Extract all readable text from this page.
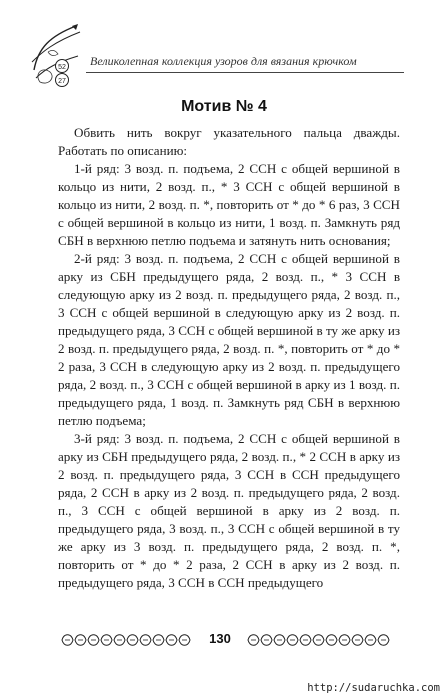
52
27
Великолепная коллекция узоров для вязания крючком
Мотив № 4

Обвить нить вокруг указательного пальца дважды. Работать по описанию:

1-й ряд: 3 возд. п. подъема, 2 ССН с общей вершиной в кольцо из нити, 2 возд. п., * 3 ССН с общей вершиной в кольцо из нити, 2 возд. п. *, повторить от * до * 6 раз, 3 ССН с общей вершиной в кольцо из нити, 1 возд. п. Замкнуть ряд СБН в верхнюю петлю подъема и затянуть нить основания;

2-й ряд: 3 возд. п. подъема, 2 ССН с общей вершиной в арку из СБН предыдущего ряда, 2 возд. п., * 3 ССН в следующую арку из 2 возд. п. предыдущего ряда, 2 возд. п., 3 ССН с общей вершиной в следующую арку из 2 возд. п. предыдущего ряда, 3 ССН с общей вершиной в ту же арку из 2 возд. п. предыдущего ряда, 2 возд. п. *, повторить от * до * 2 раза, 3 ССН в следующую арку из 2 возд. п. предыдущего ряда, 2 возд. п., 3 ССН с общей вершиной в арку из 1 возд. п. предыдущего ряда, 1 возд. п. Замкнуть ряд СБН в верхнюю петлю подъема;

3-й ряд: 3 возд. п. подъема, 2 ССН с общей вершиной в арку из СБН предыдущего ряда, 2 возд. п., * 2 ССН в арку из 2 возд. п. предыдущего ряда, 3 ССН в ССН предыдущего ряда, 2 ССН в арку из 2 возд. п. предыдущего ряда, 2 возд. п., 3 ССН с общей вершиной в арку из 2 возд. п. предыдущего ряда, 3 возд. п., 3 ССН с общей вершиной в ту же арку из 3 возд. п. предыдущего ряда, 2 возд. п. *, повторить от * до * 2 раза, 2 ССН в арку из 2 возд. п. предыдущего ряда, 3 ССН в ССН предыдущего

130
http://sudaruchka.com
